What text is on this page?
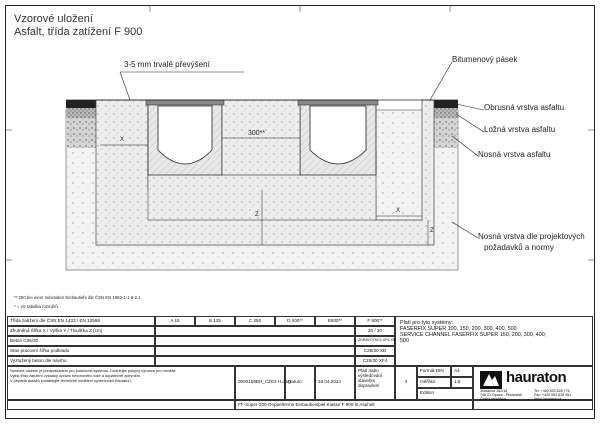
Vzorové uložení
Asfalt, třída zatížení F 900
3-5 mm trvalé převýšení
Bitumenový pásek
Obrusná vrstva asfaltu
Ložná vrstva asfaltu
Nosná vrstva asfaltu
Nosná vrstva dle projektových
požadavků a normy
300**
X
X
Z
Z
** 250 bei einer minimalen Einbautiefe dle ČSN EN 1992-1-1 9-2.1
* = viz tabulka rozměrů
Třída zatížení dle ČSN EN 1433 / EN 13598	A 15	B 125	C 250	D 400**	E600**	F 900**
Zhutněná Šířka X / Výška Y / Tloušťka Z (cm)	20 / 30
Beton C25/30	ZDRAVOTNÍ 5-XF4-XM
Stav pracovní šířka podkladu	C25/30 XD
Vyztužený beton dle návrhu	C25/30 XF4
Platí pro tyto systémy:
FASERFIX SUPER 100, 150, 200, 300, 400, 500
SERVICE CHANNEL FASERFIX SUPER 150, 200, 300, 400,
500
Správné uložení je předpokladem pro funkčnost systému. Dodržujte pokyny výrobce pro montáž.
Vyšší třídy zatížení vyžadují úpravu betonového lože a dodatečné zpevnění.
V případě dotazů kontaktujte technické oddělení společnosti Hauraton.	0000159BH_CZE3 H.dwg
Datum:	18.04.2024
Platí nabo výsledování
stavební dopravlení
4
Formát DIN	A4
měřítko	1:8
Edition
hauraton
Jiráskova 162/18
746 01 Opava - Předměstí
Česká republika
Tel: +420 553 628 776
Fax: +420 553 628 451
www.hauraton.cz
FF-Super-200-Doppeltrinne Einbaubeispiel Klasse F 900 in Asphalt
